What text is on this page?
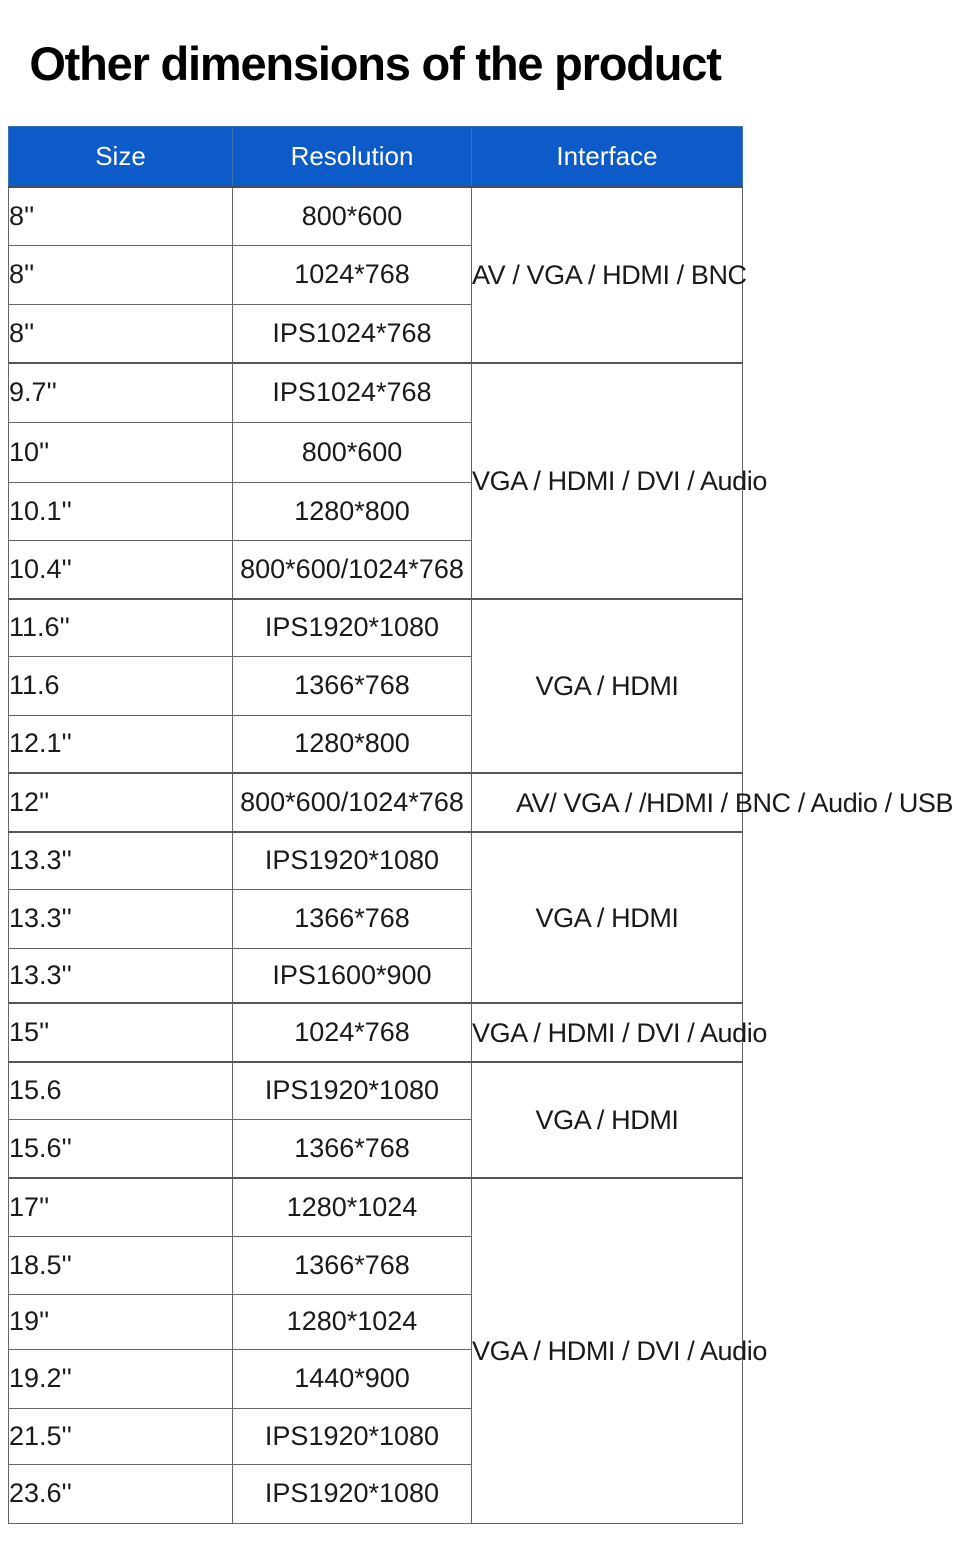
Other dimensions of the product
Size	Resolution	Interface
8''	800*600	AV / VGA / HDMI / BNC
8''	1024*768	
8''	IPS1024*768	
9.7''	IPS1024*768	VGA / HDMI / DVI / Audio
10''	800*600	
10.1''	1280*800	
10.4''	800*600/1024*768	
11.6''	IPS1920*1080	VGA / HDMI
11.6	1366*768	
12.1''	1280*800	
12''	800*600/1024*768	AV/ VGA / /HDMI / BNC / Audio / USB
13.3''	IPS1920*1080	VGA / HDMI
13.3''	1366*768	
13.3''	IPS1600*900	
15''	1024*768	VGA / HDMI / DVI / Audio
15.6	IPS1920*1080	VGA / HDMI
15.6''	1366*768	
17''	1280*1024	VGA / HDMI / DVI / Audio
18.5''	1366*768	
19''	1280*1024	
19.2''	1440*900	
21.5''	IPS1920*1080	
23.6''	IPS1920*1080	
